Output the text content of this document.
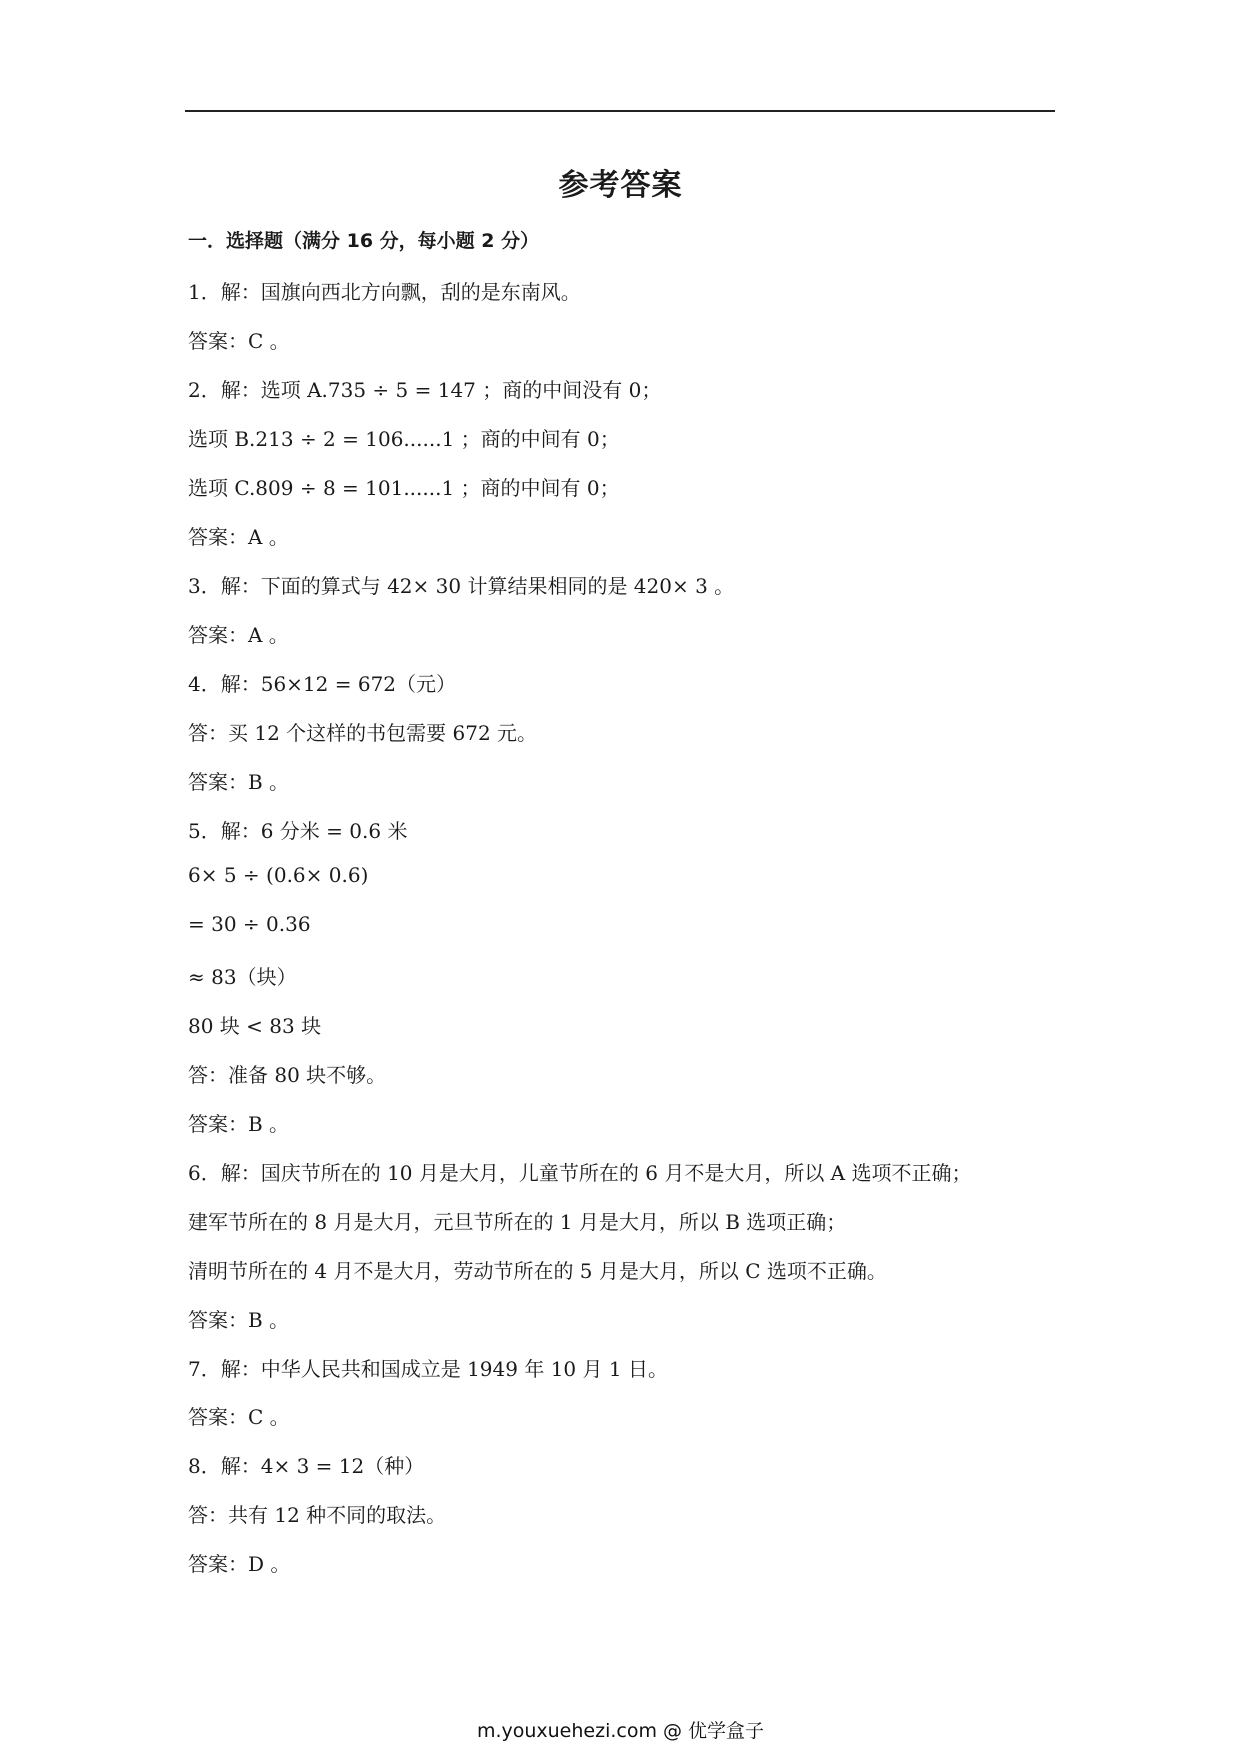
参考答案
一．选择题（满分 16 分，每小题 2 分）
1．解：国旗向西北方向飘，刮的是东南风。
答案：C 。
2．解：选项 A.735 ÷ 5 = 147 ；商的中间没有 0；
选项 B.213 ÷ 2 = 106......1 ；商的中间有 0；
选项 C.809 ÷ 8 = 101......1 ；商的中间有 0；
答案：A 。
3．解：下面的算式与 42× 30 计算结果相同的是 420× 3 。
答案：A 。
4．解：56×12 = 672（元）
答：买 12 个这样的书包需要 672 元。
答案：B 。
5．解：6 分米 = 0.6 米
6× 5 ÷ (0.6× 0.6)
= 30 ÷ 0.36
≈ 83（块）
80 块 < 83 块
答：准备 80 块不够。
答案：B 。
6．解：国庆节所在的 10 月是大月，儿童节所在的 6 月不是大月，所以 A 选项不正确；
建军节所在的 8 月是大月，元旦节所在的 1 月是大月，所以 B 选项正确；
清明节所在的 4 月不是大月，劳动节所在的 5 月是大月，所以 C 选项不正确。
答案：B 。
7．解：中华人民共和国成立是 1949 年 10 月 1 日。
答案：C 。
8．解：4× 3 = 12（种）
答：共有 12 种不同的取法。
答案：D 。
m.youxuehezi.com @ 优学盒子
